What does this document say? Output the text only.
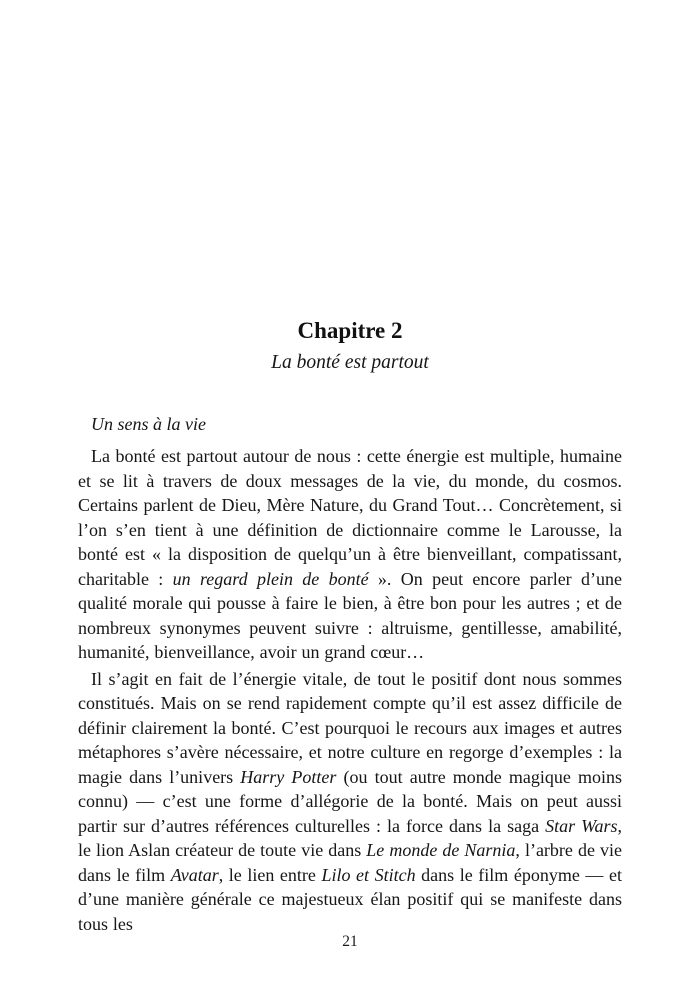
Chapitre 2
La bonté est partout
Un sens à la vie

La bonté est partout autour de nous : cette énergie est multiple, humaine et se lit à travers de doux messages de la vie, du monde, du cosmos. Certains parlent de Dieu, Mère Nature, du Grand Tout… Concrètement, si l’on s’en tient à une définition de dictionnaire comme le Larousse, la bonté est « la disposition de quelqu’un à être bienveillant, compatissant, charitable : un regard plein de bonté ». On peut encore parler d’une qualité morale qui pousse à faire le bien, à être bon pour les autres ; et de nombreux synonymes peuvent suivre : altruisme, gentillesse, amabilité, humanité, bienveillance, avoir un grand cœur…

Il s’agit en fait de l’énergie vitale, de tout le positif dont nous sommes constitués. Mais on se rend rapidement compte qu’il est assez difficile de définir clairement la bonté. C’est pourquoi le recours aux images et autres métaphores s’avère nécessaire, et notre culture en regorge d’exemples : la magie dans l’univers Harry Potter (ou tout autre monde magique moins connu) — c’est une forme d’allégorie de la bonté. Mais on peut aussi partir sur d’autres références culturelles : la force dans la saga Star Wars, le lion Aslan créateur de toute vie dans Le monde de Narnia, l’arbre de vie dans le film Avatar, le lien entre Lilo et Stitch dans le film éponyme — et d’une manière générale ce majestueux élan positif qui se manifeste dans tous les

21
